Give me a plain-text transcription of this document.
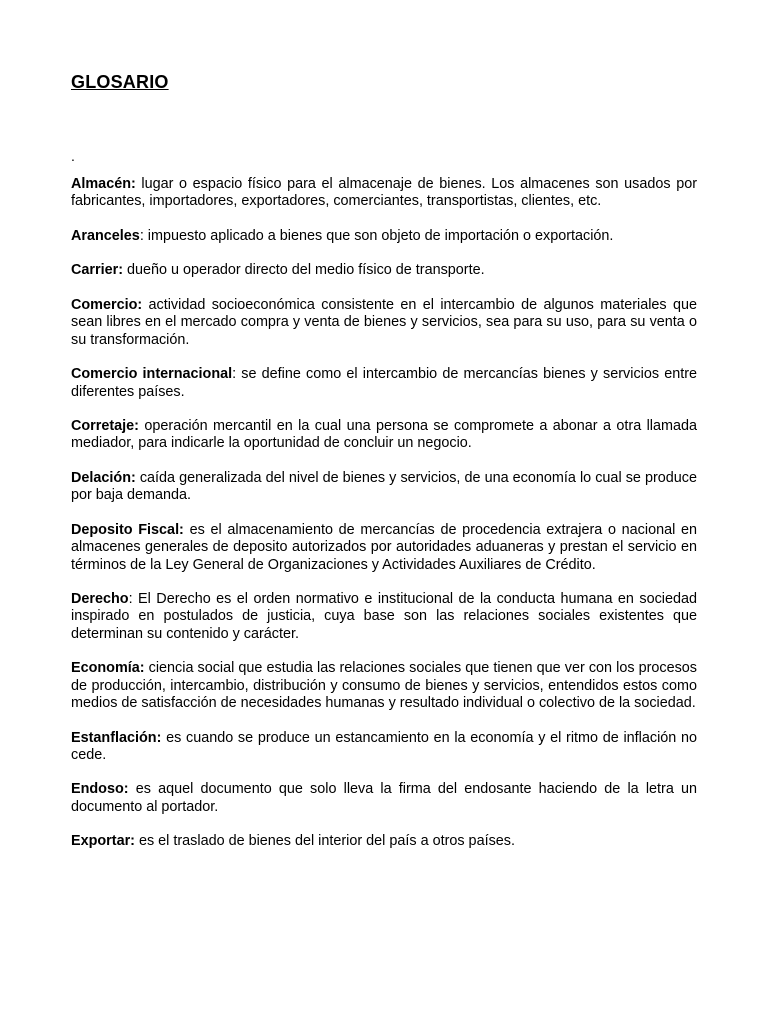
GLOSARIO
.

Almacén: lugar o espacio físico para el almacenaje de bienes. Los almacenes son usados por fabricantes, importadores, exportadores, comerciantes, transportistas, clientes, etc.

Aranceles: impuesto aplicado a bienes que son objeto de importación o exportación.

Carrier: dueño u operador directo del medio físico de transporte.

Comercio: actividad socioeconómica consistente en el intercambio de algunos materiales que sean libres en el mercado compra y venta de bienes y servicios, sea para su uso, para su venta o su transformación.

Comercio internacional: se define como el intercambio de mercancías bienes y servicios entre diferentes países.

Corretaje: operación mercantil en la cual una persona se compromete a abonar a otra llamada mediador, para indicarle la oportunidad de concluir un negocio.

Delación: caída generalizada del nivel de bienes y servicios, de una economía lo cual se produce por baja demanda.

Deposito Fiscal: es el almacenamiento de mercancías de procedencia extrajera o nacional en almacenes generales de deposito autorizados por autoridades aduaneras y prestan el servicio en términos de la Ley General de Organizaciones y Actividades Auxiliares de Crédito.

Derecho: El Derecho es el orden normativo e institucional de la conducta humana en sociedad inspirado en postulados de justicia, cuya base son las relaciones sociales existentes que determinan su contenido y carácter.

Economía: ciencia social que estudia las relaciones sociales que tienen que ver con los procesos de producción, intercambio, distribución y consumo de bienes y servicios, entendidos estos como medios de satisfacción de necesidades humanas y resultado individual o colectivo de la sociedad.

Estanflación: es cuando se produce un estancamiento en la economía y el ritmo de inflación no cede.

Endoso: es aquel documento que solo lleva la firma del endosante haciendo de la letra un documento al portador.

Exportar: es el traslado de bienes del interior del país a otros países.
